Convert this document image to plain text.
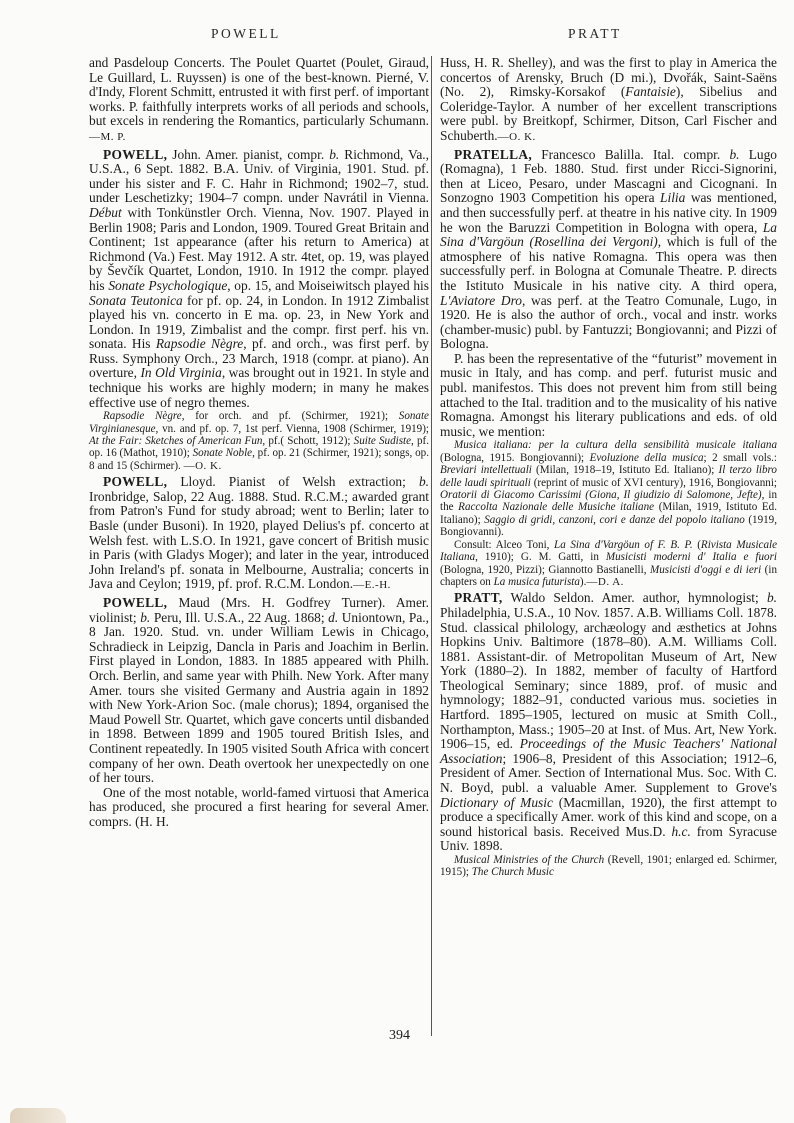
POWELL	PRATT

and Pasdeloup Concerts. The Poulet Quartet (Poulet, Giraud, Le Guillard, L. Ruyssen) is one of the best-known. Pierné, V. d'Indy, Florent Schmitt, entrusted it with first perf. of important works. P. faithfully interprets works of all periods and schools, but excels in rendering the Romantics, particularly Schumann.—M. P.

POWELL, John. Amer. pianist, compr. b. Richmond, Va., U.S.A., 6 Sept. 1882. B.A. Univ. of Virginia, 1901. Stud. pf. under his sister and F. C. Hahr in Richmond; 1902–7, stud. under Leschetizky; 1904–7 compn. under Navrátil in Vienna. Début with Tonkünstler Orch. Vienna, Nov. 1907. Played in Berlin 1908; Paris and London, 1909. Toured Great Britain and Continent; 1st appearance (after his return to America) at Richmond (Va.) Fest. May 1912. A str. 4tet, op. 19, was played by Ševčík Quartet, London, 1910. In 1912 the compr. played his Sonate Psychologique, op. 15, and Moiseiwitsch played his Sonata Teutonica for pf. op. 24, in London. In 1912 Zimbalist played his vn. concerto in E ma. op. 23, in New York and London. In 1919, Zimbalist and the compr. first perf. his vn. sonata. His Rapsodie Nègre, pf. and orch., was first perf. by Russ. Symphony Orch., 23 March, 1918 (compr. at piano). An overture, In Old Virginia, was brought out in 1921. In style and technique his works are highly modern; in many he makes effective use of negro themes.

Rapsodie Nègre, for orch. and pf. (Schirmer, 1921); Sonate Virginianesque, vn. and pf. op. 7, 1st perf. Vienna, 1908 (Schirmer, 1919); At the Fair: Sketches of American Fun, pf.( Schott, 1912); Suite Sudiste, pf. op. 16 (Mathot, 1910); Sonate Noble, pf. op. 21 (Schirmer, 1921); songs, op. 8 and 15 (Schirmer). —O. K.

POWELL, Lloyd. Pianist of Welsh extraction; b. Ironbridge, Salop, 22 Aug. 1888. Stud. R.C.M.; awarded grant from Patron's Fund for study abroad; went to Berlin; later to Basle (under Busoni). In 1920, played Delius's pf. concerto at Welsh fest. with L.S.O. In 1921, gave concert of British music in Paris (with Gladys Moger); and later in the year, introduced John Ireland's pf. sonata in Melbourne, Australia; concerts in Java and Ceylon; 1919, pf. prof. R.C.M. London.—E.-H.

POWELL, Maud (Mrs. H. Godfrey Turner). Amer. violinist; b. Peru, Ill. U.S.A., 22 Aug. 1868; d. Uniontown, Pa., 8 Jan. 1920. Stud. vn. under William Lewis in Chicago, Schradieck in Leipzig, Dancla in Paris and Joachim in Berlin. First played in London, 1883. In 1885 appeared with Philh. Orch. Berlin, and same year with Philh. New York. After many Amer. tours she visited Germany and Austria again in 1892 with New York-Arion Soc. (male chorus); 1894, organised the Maud Powell Str. Quartet, which gave concerts until disbanded in 1898. Between 1899 and 1905 toured British Isles, and Continent repeatedly. In 1905 visited South Africa with concert company of her own. Death overtook her unexpectedly on one of her tours.

One of the most notable, world-famed virtuosi that America has produced, she procured a first hearing for several Amer. comprs. (H. H.

Huss, H. R. Shelley), and was the first to play in America the concertos of Arensky, Bruch (D mi.), Dvořák, Saint-Saëns (No. 2), Rimsky-Korsakof (Fantaisie), Sibelius and Coleridge-Taylor. A number of her excellent transcriptions were publ. by Breitkopf, Schirmer, Ditson, Carl Fischer and Schuberth.—O. K.

PRATELLA, Francesco Balilla. Ital. compr. b. Lugo (Romagna), 1 Feb. 1880. Stud. first under Ricci-Signorini, then at Liceo, Pesaro, under Mascagni and Cicognani. In Sonzogno 1903 Competition his opera Lilia was mentioned, and then successfully perf. at theatre in his native city. In 1909 he won the Baruzzi Competition in Bologna with opera, La Sina d'Vargöun (Rosellina dei Vergoni), which is full of the atmosphere of his native Romagna. This opera was then successfully perf. in Bologna at Comunale Theatre. P. directs the Istituto Musicale in his native city. A third opera, L'Aviatore Dro, was perf. at the Teatro Comunale, Lugo, in 1920. He is also the author of orch., vocal and instr. works (chamber-music) publ. by Fantuzzi; Bongiovanni; and Pizzi of Bologna.

P. has been the representative of the “futurist” movement in music in Italy, and has comp. and perf. futurist music and publ. manifestos. This does not prevent him from still being attached to the Ital. tradition and to the musicality of his native Romagna. Amongst his literary publications and eds. of old music, we mention:

Musica italiana: per la cultura della sensibilità musicale italiana (Bologna, 1915. Bongiovanni); Evoluzione della musica; 2 small vols.: Breviari intellettuali (Milan, 1918–19, Istituto Ed. Italiano); Il terzo libro delle laudi spirituali (reprint of music of XVI century), 1916, Bongiovanni; Oratorii di Giacomo Carissimi (Giona, Il giudizio di Salomone, Jefte), in the Raccolta Nazionale delle Musiche italiane (Milan, 1919, Istituto Ed. Italiano); Saggio di gridi, canzoni, cori e danze del popolo italiano (1919, Bongiovanni).

Consult: Alceo Toni, La Sina d'Vargöun of F. B. P. (Rivista Musicale Italiana, 1910); G. M. Gatti, in Musicisti moderni d' Italia e fuori (Bologna, 1920, Pizzi); Giannotto Bastianelli, Musicisti d'oggi e di ieri (in chapters on La musica futurista).—D. A.

PRATT, Waldo Seldon. Amer. author, hymnologist; b. Philadelphia, U.S.A., 10 Nov. 1857. A.B. Williams Coll. 1878. Stud. classical philology, archæology and æsthetics at Johns Hopkins Univ. Baltimore (1878–80). A.M. Williams Coll. 1881. Assistant-dir. of Metropolitan Museum of Art, New York (1880–2). In 1882, member of faculty of Hartford Theological Seminary; since 1889, prof. of music and hymnology; 1882–91, conducted various mus. societies in Hartford. 1895–1905, lectured on music at Smith Coll., Northampton, Mass.; 1905–20 at Inst. of Mus. Art, New York. 1906–15, ed. Proceedings of the Music Teachers' National Association; 1906–8, President of this Association; 1912–6, President of Amer. Section of International Mus. Soc. With C. N. Boyd, publ. a valuable Amer. Supplement to Grove's Dictionary of Music (Macmillan, 1920), the first attempt to produce a specifically Amer. work of this kind and scope, on a sound historical basis. Received Mus.D. h.c. from Syracuse Univ. 1898.

Musical Ministries of the Church (Revell, 1901; enlarged ed. Schirmer, 1915); The Church Music

394
